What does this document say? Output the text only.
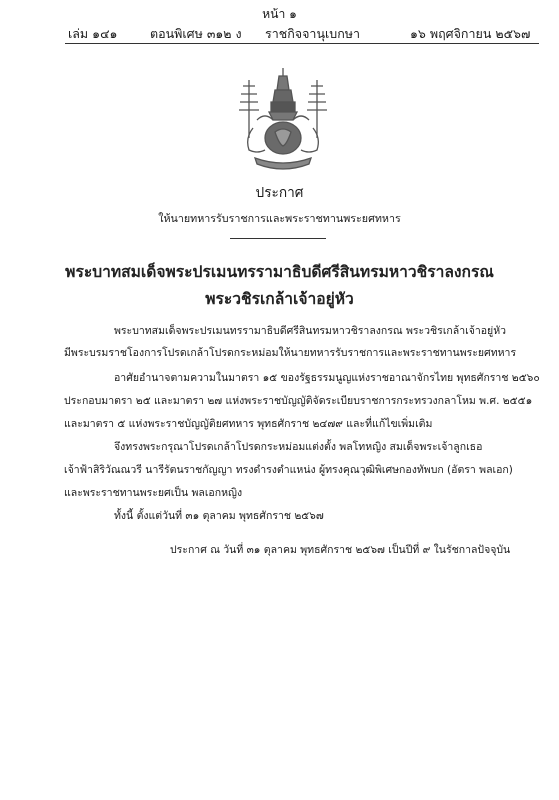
หน้า ๑
เล่ม ๑๔๑	ตอนพิเศษ ๓๑๒ ง ราชกิจจานุเบกษา	๑๖ พฤศจิกายน ๒๕๖๗
ประกาศ
ให้นายทหารรับราชการและพระราชทานพระยศทหาร
พระบาทสมเด็จพระปรเมนทรรามาธิบดีศรีสินทรมหาวชิราลงกรณ
พระวชิรเกล้าเจ้าอยู่หัว
พระบาทสมเด็จพระปรเมนทรรามาธิบดีศรีสินทรมหาวชิราลงกรณ พระวชิรเกล้าเจ้าอยู่หัว
มีพระบรมราชโองการโปรดเกล้าโปรดกระหม่อมให้นายทหารรับราชการและพระราชทานพระยศทหาร
อาศัยอำนาจตามความในมาตรา ๑๕ ของรัฐธรรมนูญแห่งราชอาณาจักรไทย พุทธศักราช ๒๕๖๐
ประกอบมาตรา ๒๕ และมาตรา ๒๗ แห่งพระราชบัญญัติจัดระเบียบราชการกระทรวงกลาโหม พ.ศ. ๒๕๕๑
และมาตรา ๕ แห่งพระราชบัญญัติยศทหาร พุทธศักราช ๒๔๗๙ และที่แก้ไขเพิ่มเติม
จึงทรงพระกรุณาโปรดเกล้าโปรดกระหม่อมแต่งตั้ง พลโทหญิง สมเด็จพระเจ้าลูกเธอ
เจ้าฟ้าสิริวัณณวรี นารีรัตนราชกัญญา ทรงดำรงตำแหน่ง ผู้ทรงคุณวุฒิพิเศษกองทัพบก (อัตรา พลเอก)
และพระราชทานพระยศเป็น พลเอกหญิง
ทั้งนี้ ตั้งแต่วันที่ ๓๑ ตุลาคม พุทธศักราช ๒๕๖๗
ประกาศ ณ วันที่ ๓๑ ตุลาคม พุทธศักราช ๒๕๖๗ เป็นปีที่ ๙ ในรัชกาลปัจจุบัน
